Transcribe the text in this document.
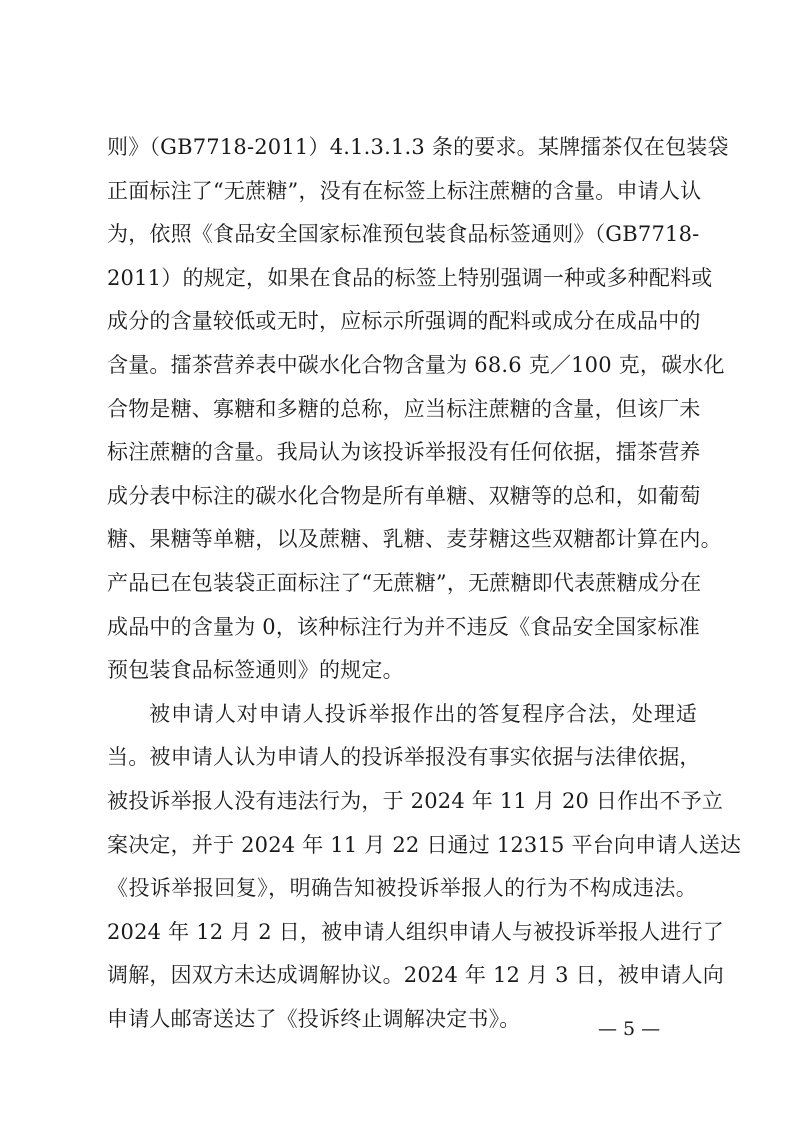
则》（GB7718-2011）4.1.3.1.3 条的要求。某牌擂茶仅在包装袋
正面标注了“无蔗糖”，没有在标签上标注蔗糖的含量。申请人认
为，依照《食品安全国家标准预包装食品标签通则》（GB7718-
2011）的规定，如果在食品的标签上特别强调一种或多种配料或
成分的含量较低或无时，应标示所强调的配料或成分在成品中的
含量。擂茶营养表中碳水化合物含量为 68.6 克／100 克，碳水化
合物是糖、寡糖和多糖的总称，应当标注蔗糖的含量，但该厂未
标注蔗糖的含量。我局认为该投诉举报没有任何依据，擂茶营养
成分表中标注的碳水化合物是所有单糖、双糖等的总和，如葡萄
糖、果糖等单糖，以及蔗糖、乳糖、麦芽糖这些双糖都计算在内。
产品已在包装袋正面标注了“无蔗糖”，无蔗糖即代表蔗糖成分在
成品中的含量为 0，该种标注行为并不违反《食品安全国家标准
预包装食品标签通则》的规定。
被申请人对申请人投诉举报作出的答复程序合法，处理适
当。被申请人认为申请人的投诉举报没有事实依据与法律依据，
被投诉举报人没有违法行为，于 2024 年 11 月 20 日作出不予立
案决定，并于 2024 年 11 月 22 日通过 12315 平台向申请人送达
《投诉举报回复》，明确告知被投诉举报人的行为不构成违法。
2024 年 12 月 2 日，被申请人组织申请人与被投诉举报人进行了
调解，因双方未达成调解协议。2024 年 12 月 3 日，被申请人向
申请人邮寄送达了《投诉终止调解决定书》。	— 5 —
